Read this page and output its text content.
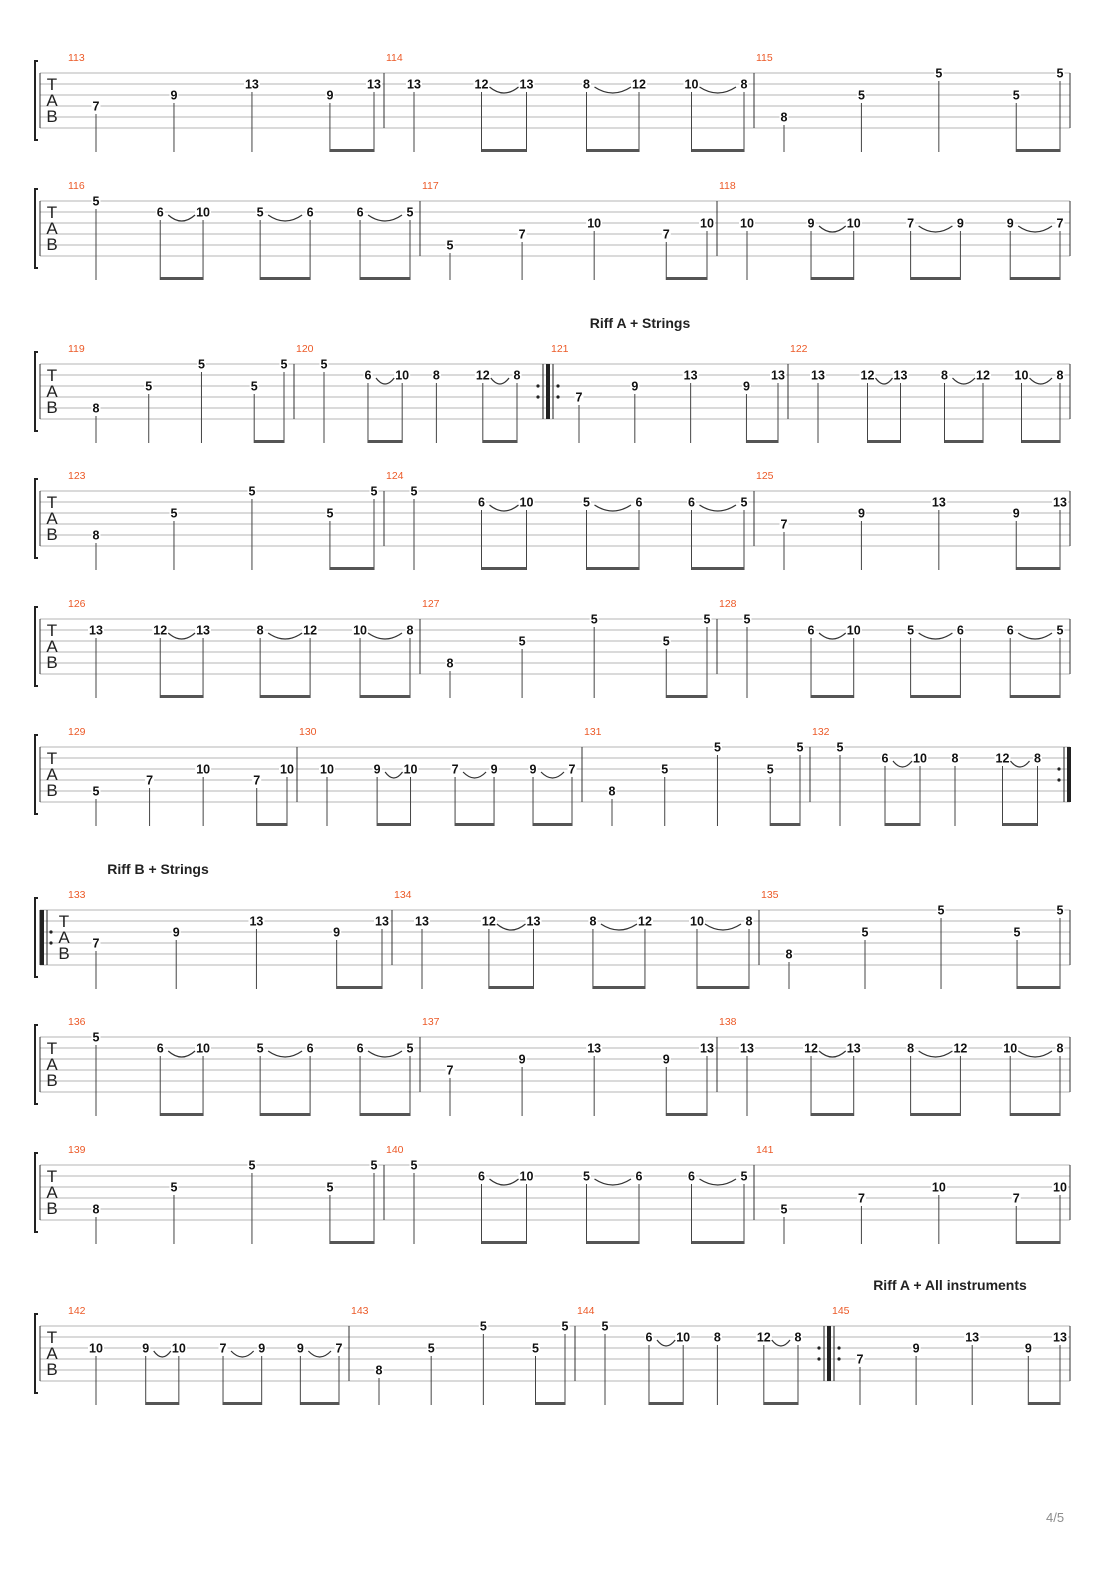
T
A
B
113
7
9
13
9
13
114
13	12 13	8	12	10	8
115
8
5
5
5
5
T
A
B
116
5
6	10	5	6	6	5
117
5
7
10
7
10
118
10	9	10	7	9	9	7
Riff A + Strings
T
A
B
119
8
5
5
5
5
120
5
6 10 8	12 8
121
7
9
13
9
13
122
13	12 13	8 12 10 8
T
A
B
123
8
5
5
5
5
124
5
6	10	5	6	6	5
125
7
9
13
9
13
T
A
B
126
13	12 13	8	12	10	8
127
8
5
5
5
5
128
5
6	10	5	6	6	5
T
A
B
129
5
7
10
7
10
130
10	9 10	7	9	9	7
131
8
5
5
5
5
132
5
6 10 8	12 8
Riff B + Strings
T
A
B
133
7
9
13
9
13
134
13	12 13	8	12	10	8
135
8
5
5
5
5
T
A
B
136
5
6	10	5	6	6	5
137
7
9
13
9
13
138
13	12 13	8	12	10	8
T
A
B
139
8
5
5
5
5
140
5
6	10	5	6	6	5
141
5
7
10
7
10
Riff A + All instruments
T
A
B
142
10	9 10	7	9	9	7
143
8
5
5
5
5
144
5
6 10 8	12 8
145
7
9
13
9
13
4/5
